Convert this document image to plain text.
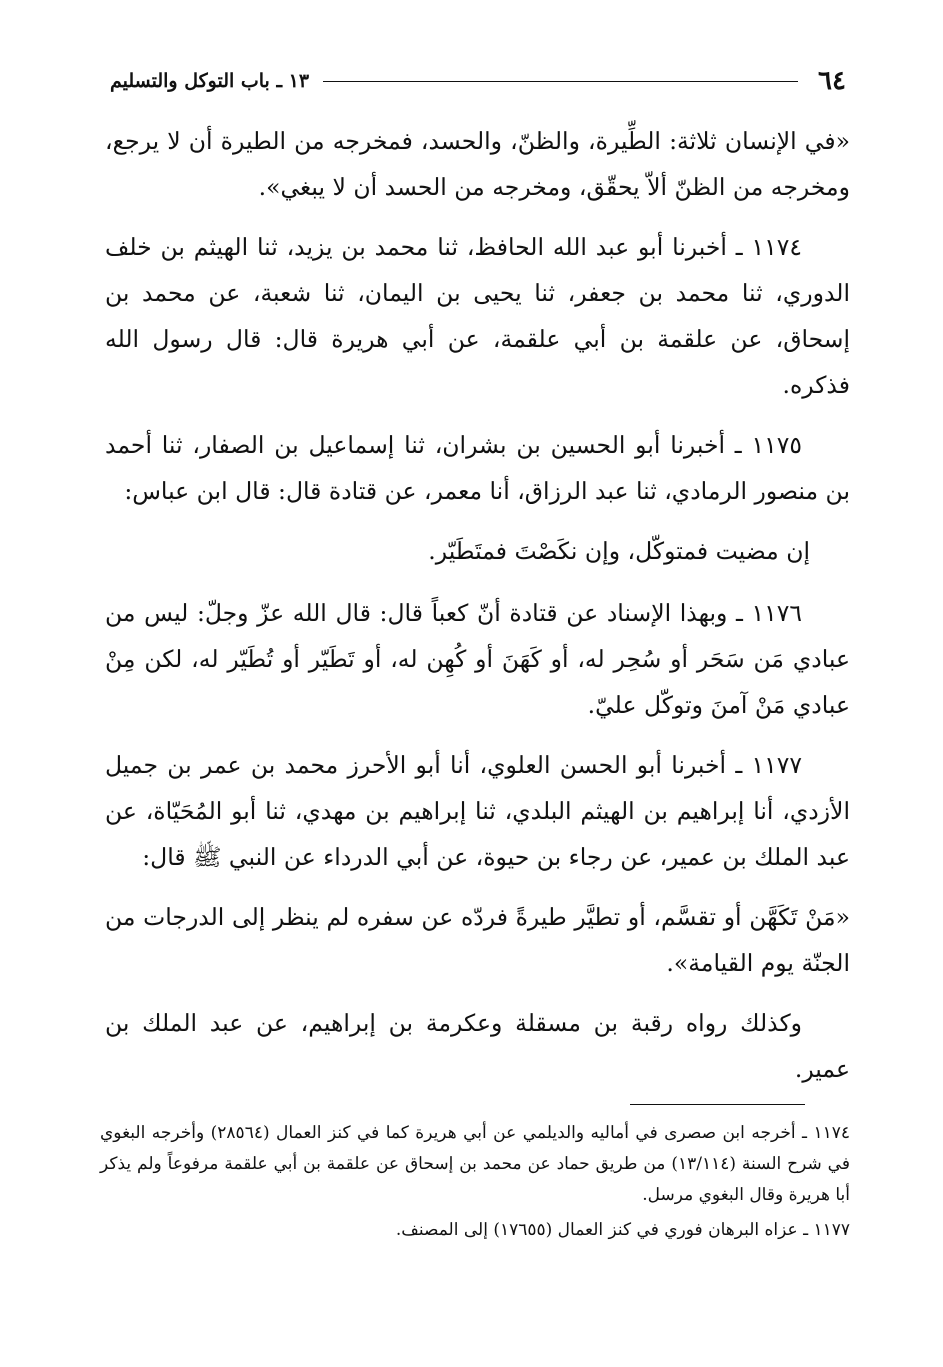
٦٤
١٣ ـ باب التوكل والتسليم

«في الإنسان ثلاثة: الطِّيرة، والظنّ، والحسد، فمخرجه من الطيرة أن لا يرجع، ومخرجه من الظنّ ألاّ يحقّق، ومخرجه من الحسد أن لا يبغي».

١١٧٤ ـ أخبرنا أبو عبد الله الحافظ، ثنا محمد بن يزيد، ثنا الهيثم بن خلف الدوري، ثنا محمد بن جعفر، ثنا يحيى بن اليمان، ثنا شعبة، عن محمد بن إسحاق، عن علقمة بن أبي علقمة، عن أبي هريرة قال: قال رسول الله فذكره.

١١٧٥ ـ أخبرنا أبو الحسين بن بشران، ثنا إسماعيل بن الصفار، ثنا أحمد بن منصور الرمادي، ثنا عبد الرزاق، أنا معمر، عن قتادة قال: قال ابن عباس:

إن مضيت فمتوكّل، وإن نكَصْتَ فمتَطَيّر.

١١٧٦ ـ وبهذا الإسناد عن قتادة أنّ كعباً قال: قال الله عزّ وجلّ: ليس من عبادي مَن سَحَر أو سُحِر له، أو كَهَنَ أو كُهِن له، أو تَطَيّر أو تُطَيّر له، لكن مِنْ عبادي مَنْ آمنَ وتوكّل عليّ.

١١٧٧ ـ أخبرنا أبو الحسن العلوي، أنا أبو الأحرز محمد بن عمر بن جميل الأزدي، أنا إبراهيم بن الهيثم البلدي، ثنا إبراهيم بن مهدي، ثنا أبو المُحَيّاة، عن عبد الملك بن عمير، عن رجاء بن حيوة، عن أبي الدرداء عن النبي ﷺ قال:

«مَنْ تَكَهَّن أو تقسَّم، أو تطيَّر طيرةً فردّه عن سفره لم ينظر إلى الدرجات من الجنّة يوم القيامة».

وكذلك رواه رقبة بن مسقلة وعكرمة بن إبراهيم، عن عبد الملك بن عمير.

١١٧٤ ـ أخرجه ابن صصرى في أماليه والديلمي عن أبي هريرة كما في كنز العمال (٢٨٥٦٤) وأخرجه البغوي في شرح السنة (١٣/١١٤) من طريق حماد عن محمد بن إسحاق عن علقمة بن أبي علقمة مرفوعاً ولم يذكر أبا هريرة وقال البغوي مرسل.

١١٧٧ ـ عزاه البرهان فوري في كنز العمال (١٧٦٥٥) إلى المصنف.
